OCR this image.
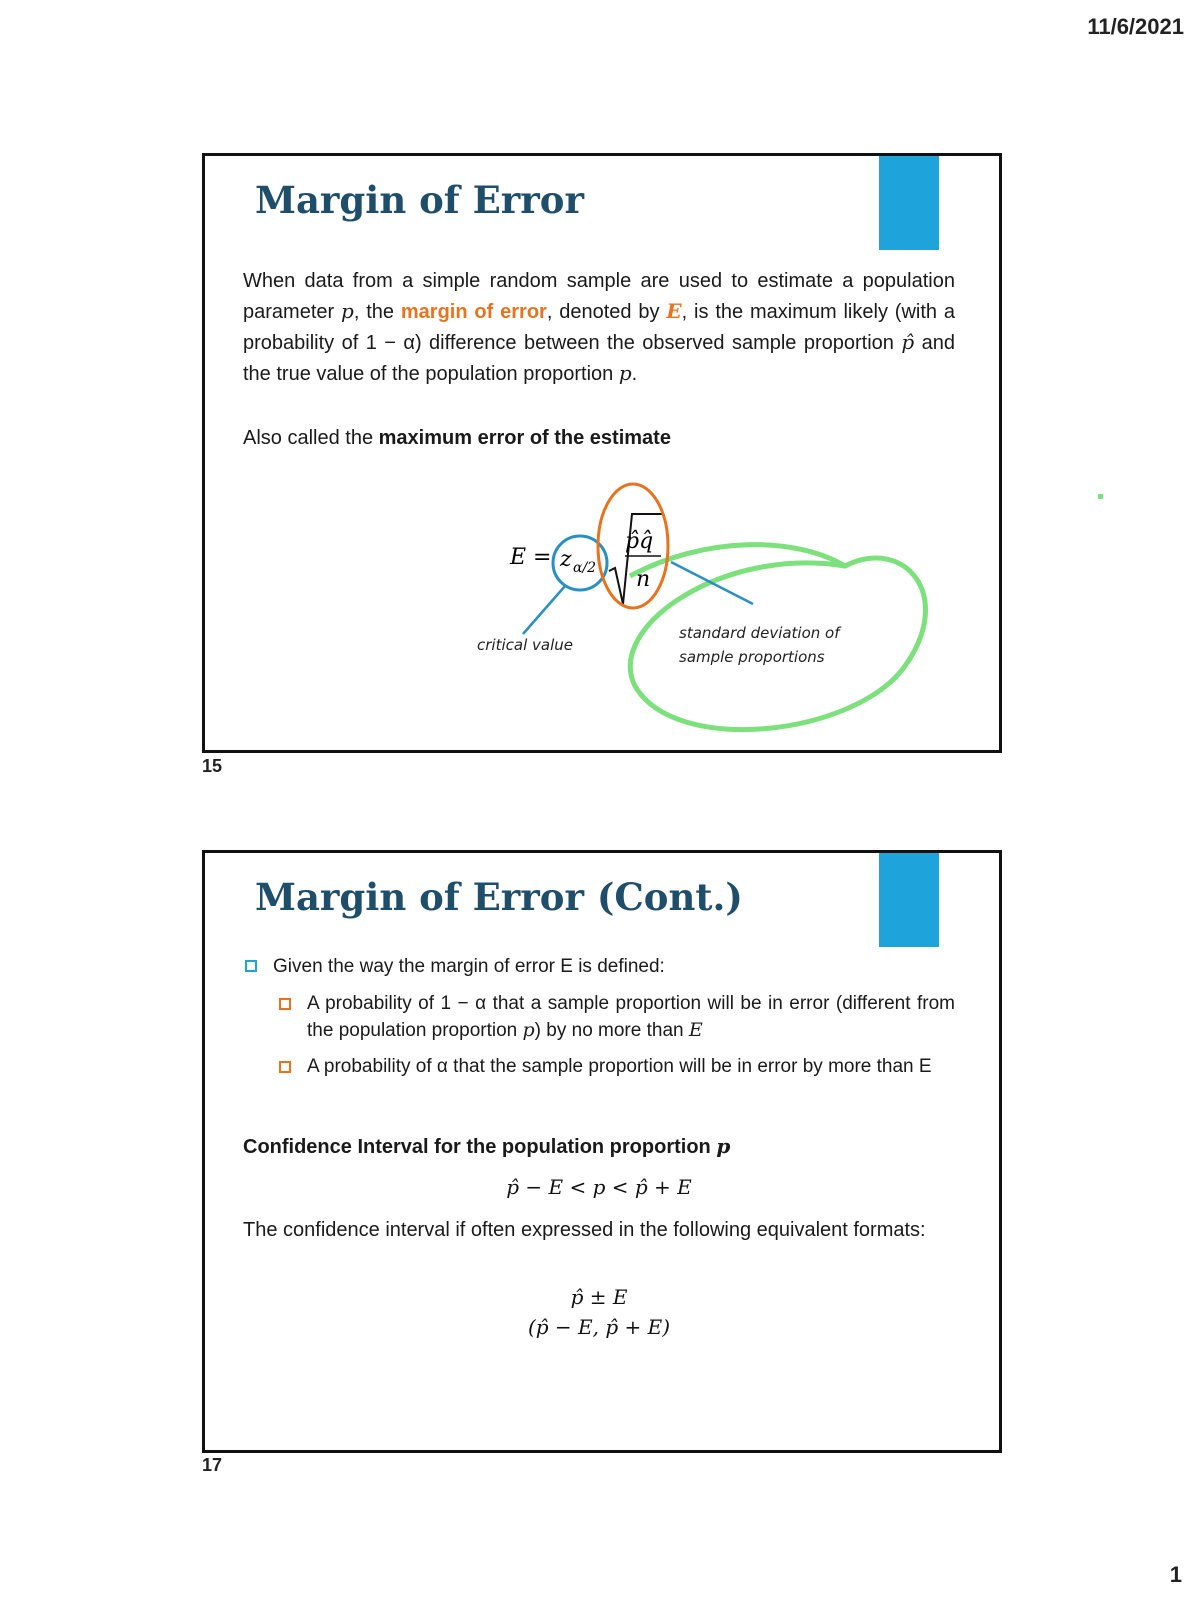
11/6/2021
Margin of Error
When data from a simple random sample are used to estimate a population parameter p, the margin of error, denoted by E, is the maximum likely (with a probability of 1 − α) difference between the observed sample proportion p̂ and the true value of the population proportion p.
Also called the maximum error of the estimate
E = z α/2
p̂q̂
n
critical value
standard deviation of
sample proportions
15
Margin of Error (Cont.)
Given the way the margin of error E is defined:
A probability of 1 − α that a sample proportion will be in error (different from the population proportion p) by no more than E
A probability of α that the sample proportion will be in error by more than E
Confidence Interval for the population proportion p
p̂ − E < p < p̂ + E
The confidence interval if often expressed in the following equivalent formats:
p̂ ± E
(p̂ − E, p̂ + E)
17
1
